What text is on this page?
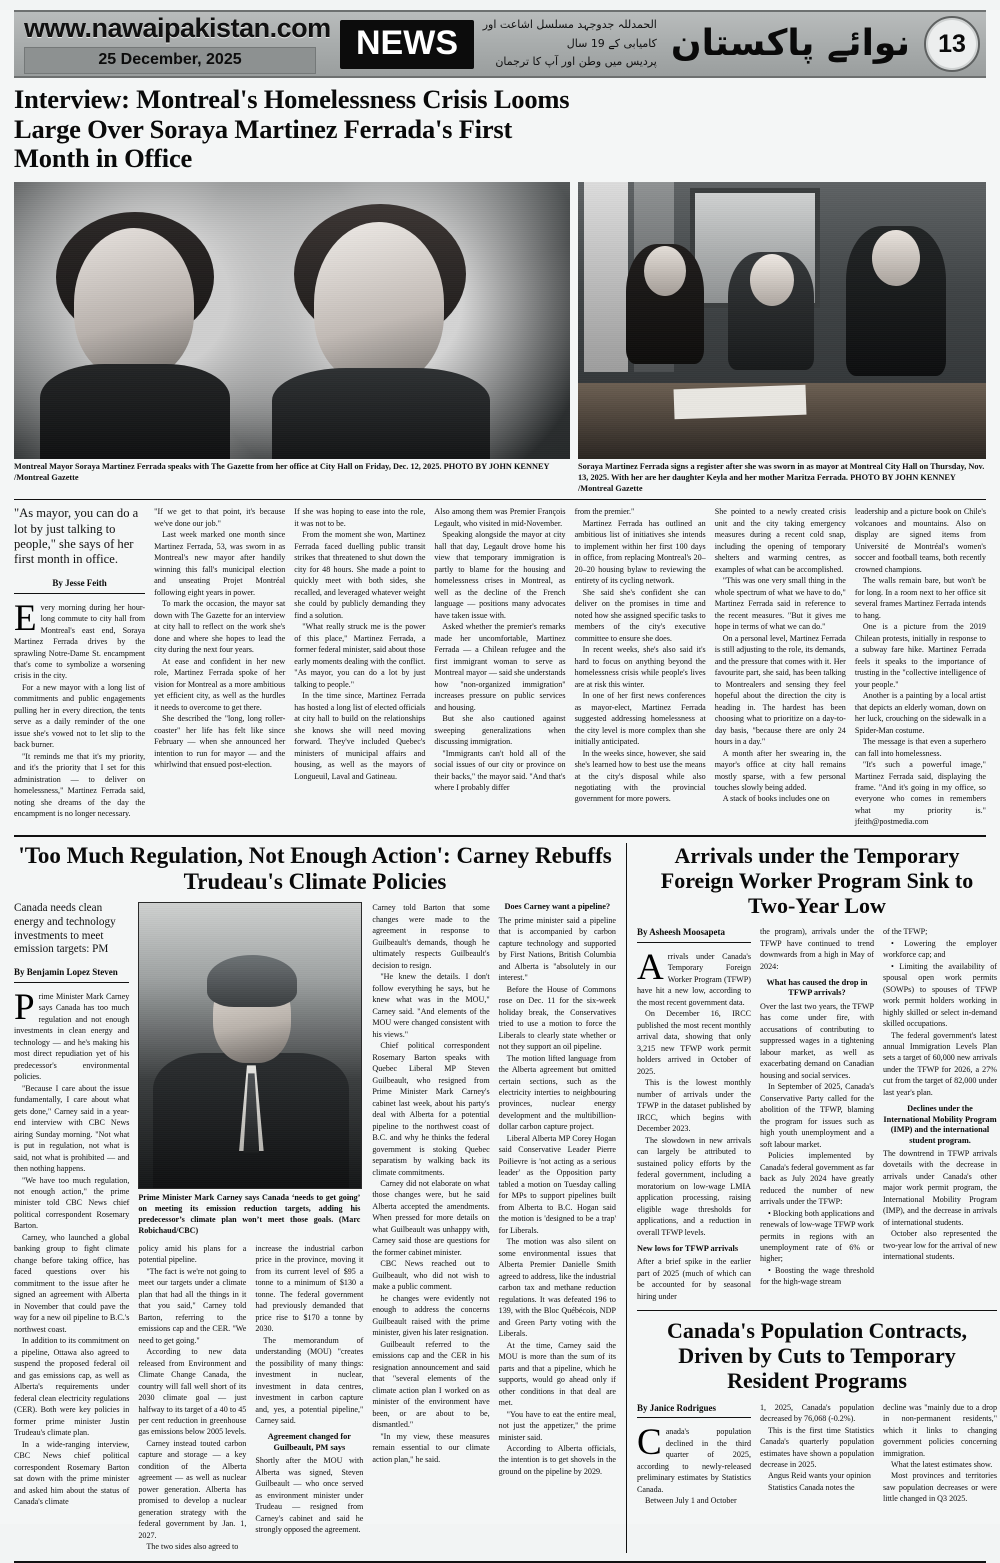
www.nawaipakistan.com
25 December, 2025	NEWS	الحمدللہ جدوجہد مسلسل اشاعت اور کامیابی کے 19 سال
پردیس میں وطن اور آپ کا ترجمان نوائے پاکستان	13
Interview: Montreal's Homelessness Crisis Looms Large Over Soraya Martinez Ferrada's First Month in Office
Montreal Mayor Soraya Martinez Ferrada speaks with The Gazette from her office at City Hall on Friday, Dec. 12, 2025. PHOTO BY JOHN KENNEY /Montreal Gazette
Soraya Martinez Ferrada signs a register after she was sworn in as mayor at Montreal City Hall on Thursday, Nov. 13, 2025. With her are her daughter Keyla and her mother Maritza Ferrada. PHOTO BY JOHN KENNEY /Montreal Gazette
"As mayor, you can do a lot by just talking to people," she says of her first month in office.
By Jesse Feith

Every morning during her hour-long commute to city hall from Montreal's east end, Soraya Martinez Ferrada drives by the sprawling Notre-Dame St. encampment that's come to symbolize a worsening crisis in the city.

For a new mayor with a long list of commitments and public engagements pulling her in every direction, the tents serve as a daily reminder of the one issue she's vowed not to let slip to the back burner.

"It reminds me that it's my priority, and it's the priority that I set for this administration — to deliver on homelessness," Martinez Ferrada said, noting she dreams of the day the encampment is no longer necessary.

"If we get to that point, it's because we've done our job."

Last week marked one month since Martinez Ferrada, 53, was sworn in as Montreal's new mayor after handily winning this fall's municipal election and unseating Projet Montréal following eight years in power.

To mark the occasion, the mayor sat down with The Gazette for an interview at city hall to reflect on the work she's done and where she hopes to lead the city during the next four years.

At ease and confident in her new role, Martinez Ferrada spoke of her vision for Montreal as a more ambitious yet efficient city, as well as the hurdles it needs to overcome to get there.

She described the "long, long roller-coaster" her life has felt like since February — when she announced her intention to run for mayor — and the whirlwind that ensued post-election.

If she was hoping to ease into the role, it was not to be.

From the moment she won, Martinez Ferrada faced duelling public transit strikes that threatened to shut down the city for 48 hours. She made a point to quickly meet with both sides, she recalled, and leveraged whatever weight she could by publicly demanding they find a solution.

"What really struck me is the power of this place," Martinez Ferrada, a former federal minister, said about those early moments dealing with the conflict. "As mayor, you can do a lot by just talking to people."

In the time since, Martinez Ferrada has hosted a long list of elected officials at city hall to build on the relationships she knows she will need moving forward. They've included Quebec's ministers of municipal affairs and housing, as well as the mayors of Longueuil, Laval and Gatineau.

Also among them was Premier François Legault, who visited in mid-November.

Speaking alongside the mayor at city hall that day, Legault drove home his view that temporary immigration is partly to blame for the housing and homelessness crises in Montreal, as well as the decline of the French language — positions many advocates have taken issue with.

Asked whether the premier's remarks made her uncomfortable, Martinez Ferrada — a Chilean refugee and the first immigrant woman to serve as Montreal mayor — said she understands how "non-organized immigration" increases pressure on public services and housing.

But she also cautioned against sweeping generalizations when discussing immigration.

"Immigrants can't hold all of the social issues of our city or province on their backs," the mayor said. "And that's where I probably differ

from the premier."

Martinez Ferrada has outlined an ambitious list of initiatives she intends to implement within her first 100 days in office, from replacing Montreal's 20–20–20 housing bylaw to reviewing the entirety of its cycling network.

She said she's confident she can deliver on the promises in time and noted how she assigned specific tasks to members of the city's executive committee to ensure she does.

In recent weeks, she's also said it's hard to focus on anything beyond the homelessness crisis while people's lives are at risk this winter.

In one of her first news conferences as mayor-elect, Martinez Ferrada suggested addressing homelessness at the city level is more complex than she initially anticipated.

In the weeks since, however, she said she's learned how to best use the means at the city's disposal while also negotiating with the provincial government for more powers.

She pointed to a newly created crisis unit and the city taking emergency measures during a recent cold snap, including the opening of temporary shelters and warming centres, as examples of what can be accomplished.

"This was one very small thing in the whole spectrum of what we have to do," Martinez Ferrada said in reference to the recent measures. "But it gives me hope in terms of what we can do."

On a personal level, Martinez Ferrada is still adjusting to the role, its demands, and the pressure that comes with it. Her favourite part, she said, has been talking to Montrealers and sensing they feel hopeful about the direction the city is heading in. The hardest has been choosing what to prioritize on a day-to-day basis, "because there are only 24 hours in a day."

A month after her swearing in, the mayor's office at city hall remains mostly sparse, with a few personal touches slowly being added.

A stack of books includes one on

leadership and a picture book on Chile's volcanoes and mountains. Also on display are signed items from Université de Montréal's women's soccer and football teams, both recently crowned champions.

The walls remain bare, but won't be for long. In a room next to her office sit several frames Martinez Ferrada intends to hang.

One is a picture from the 2019 Chilean protests, initially in response to a subway fare hike. Martinez Ferrada feels it speaks to the importance of trusting in the "collective intelligence of your people."

Another is a painting by a local artist that depicts an elderly woman, down on her luck, crouching on the sidewalk in a Spider-Man costume.

The message is that even a superhero can fall into homelessness.

"It's such a powerful image," Martinez Ferrada said, displaying the frame. "And it's going in my office, so everyone who comes in remembers what my priority is." jfeith@postmedia.com

'Too Much Regulation, Not Enough Action': Carney Rebuffs Trudeau's Climate Policies
Canada needs clean energy and technology investments to meet emission targets: PM
By Benjamin Lopez Steven

Prime Minister Mark Carney says Canada has too much regulation and not enough investments in clean energy and technology — and he's making his most direct repudiation yet of his predecessor's environmental policies.

"Because I care about the issue fundamentally, I care about what gets done," Carney said in a year-end interview with CBC News airing Sunday morning. "Not what is put in regulation, not what is said, not what is prohibited — and then nothing happens.

"We have too much regulation, not enough action," the prime minister told CBC News chief political correspondent Rosemary Barton.

Carney, who launched a global banking group to fight climate change before taking office, has faced questions over his commitment to the issue after he signed an agreement with Alberta in November that could pave the way for a new oil pipeline to B.C.'s northwest coast.

In addition to its commitment on a pipeline, Ottawa also agreed to suspend the proposed federal oil and gas emissions cap, as well as Alberta's requirements under federal clean electricity regulations (CER). Both were key policies in former prime minister Justin Trudeau's climate plan.

In a wide-ranging interview, CBC News chief political correspondent Rosemary Barton sat down with the prime minister and asked him about the status of Canada's climate

Prime Minister Mark Carney says Canada ‘needs to get going’ on meeting its emission reduction targets, adding his predecessor’s climate plan won’t meet those goals. (Marc Robichaud/CBC)

policy amid his plans for a potential pipeline.

"The fact is we're not going to meet our targets under a climate plan that had all the things in it that you said," Carney told Barton, referring to the emissions cap and the CER. "We need to get going."

According to new data released from Environment and Climate Change Canada, the country will fall well short of its 2030 climate goal — just halfway to its target of a 40 to 45 per cent reduction in greenhouse gas emissions below 2005 levels.

Carney instead touted carbon capture and storage — a key condition of the Alberta agreement — as well as nuclear power generation. Alberta has promised to develop a nuclear generation strategy with the federal government by Jan. 1, 2027.

The two sides also agreed to

increase the industrial carbon price in the province, moving it from its current level of $95 a tonne to a minimum of $130 a tonne. The federal government had previously demanded that price rise to $170 a tonne by 2030.

The memorandum of understanding (MOU) "creates the possibility of many things: investment in nuclear, investment in data centres, investment in carbon capture and, yes, a potential pipeline," Carney said.

Agreement changed for Guilbeault, PM says

Shortly after the MOU with Alberta was signed, Steven Guilbeault — who once served as environment minister under Trudeau — resigned from Carney's cabinet and said he strongly opposed the agreement.

Carney told Barton that some changes were made to the agreement in response to Guilbeault's demands, though he ultimately respects Guilbeault's decision to resign.

"He knew the details. I don't follow everything he says, but he knew what was in the MOU," Carney said. "And elements of the MOU were changed consistent with his views."

Chief political correspondent Rosemary Barton speaks with Quebec Liberal MP Steven Guilbeault, who resigned from Prime Minister Mark Carney's cabinet last week, about his party's deal with Alberta for a potential pipeline to the northwest coast of B.C. and why he thinks the federal government is stoking Quebec separatism by walking back its climate commitments.

Carney did not elaborate on what those changes were, but he said Alberta accepted the amendments. When pressed for more details on what Guilbeault was unhappy with, Carney said those are questions for the former cabinet minister.

CBC News reached out to Guilbeault, who did not wish to make a public comment.

he changes were evidently not enough to address the concerns Guilbeault raised with the prime minister, given his later resignation.

Guilbeault referred to the emissions cap and the CER in his resignation announcement and said that "several elements of the climate action plan I worked on as minister of the environment have been, or are about to be, dismantled."

"In my view, these measures remain essential to our climate action plan," he said.

Does Carney want a pipeline?

The prime minister said a pipeline that is accompanied by carbon capture technology and supported by First Nations, British Columbia and Alberta is "absolutely in our interest."

Before the House of Commons rose on Dec. 11 for the six-week holiday break, the Conservatives tried to use a motion to force the Liberals to clearly state whether or not they support an oil pipeline.

The motion lifted language from the Alberta agreement but omitted certain sections, such as the electricity interties to neighbouring provinces, nuclear energy development and the multibillion-dollar carbon capture project.

Liberal Alberta MP Corey Hogan said Conservative Leader Pierre Poilievre is 'not acting as a serious leader' as the Opposition party tabled a motion on Tuesday calling for MPs to support pipelines built from Alberta to B.C. Hogan said the motion is 'designed to be a trap' for Liberals.

The motion was also silent on some environmental issues that Alberta Premier Danielle Smith agreed to address, like the industrial carbon tax and methane reduction regulations. It was defeated 196 to 139, with the Bloc Québécois, NDP and Green Party voting with the Liberals.

At the time, Carney said the MOU is more than the sum of its parts and that a pipeline, which he supports, would go ahead only if other conditions in that deal are met.

"You have to eat the entire meal, not just the appetizer," the prime minister said.

According to Alberta officials, the intention is to get shovels in the ground on the pipeline by 2029.

Arrivals under the Temporary Foreign Worker Program Sink to Two-Year Low
By Asheesh Moosapeta

Arrivals under Canada's Temporary Foreign Worker Program (TFWP) have hit a new low, according to the most recent government data.

On December 16, IRCC published the most recent monthly arrival data, showing that only 3,215 new TFWP work permit holders arrived in October of 2025.

This is the lowest monthly number of arrivals under the TFWP in the dataset published by IRCC, which begins with December 2023.

The slowdown in new arrivals can largely be attributed to sustained policy efforts by the federal government, including a moratorium on low-wage LMIA application processing, raising eligible wage thresholds for applications, and a reduction in overall TFWP levels.

New lows for TFWP arrivals

After a brief spike in the earlier part of 2025 (much of which can be accounted for by seasonal hiring under

the program), arrivals under the TFWP have continued to trend downwards from a high in May of 2024:

What has caused the drop in TFWP arrivals?

Over the last two years, the TFWP has come under fire, with accusations of contributing to suppressed wages in a tightening labour market, as well as exacerbating demand on Canadian housing and social services.

In September of 2025, Canada's Conservative Party called for the abolition of the TFWP, blaming the program for issues such as high youth unemployment and a soft labour market.

Policies implemented by Canada's federal government as far back as July 2024 have greatly reduced the number of new arrivals under the TFWP:

• Blocking both applications and renewals of low-wage TFWP work permits in regions with an unemployment rate of 6% or higher;

• Boosting the wage threshold for the high-wage stream

of the TFWP;

• Lowering the employer workforce cap; and

• Limiting the availability of spousal open work permits (SOWPs) to spouses of TFWP work permit holders working in highly skilled or select in-demand skilled occupations.

The federal government's latest annual Immigration Levels Plan sets a target of 60,000 new arrivals under the TFWP for 2026, a 27% cut from the target of 82,000 under last year's plan.

Declines under the International Mobility Program (IMP) and the international student program.

The downtrend in TFWP arrivals dovetails with the decrease in arrivals under Canada's other major work permit program, the International Mobility Program (IMP), and the decrease in arrivals of international students.

October also represented the two-year low for the arrival of new international students.

Canada's Population Contracts, Driven by Cuts to Temporary Resident Programs
By Janice Rodrigues

Canada's population declined in the third quarter of 2025, according to newly-released preliminary estimates by Statistics Canada.

Between July 1 and October

1, 2025, Canada's population decreased by 76,068 (-0.2%).

This is the first time Statistics Canada's quarterly population estimates have shown a population decrease in 2025.

Angus Reid wants your opinion

Statistics Canada notes the

decline was "mainly due to a drop in non-permanent residents," which it links to changing government policies concerning immigration.

What the latest estimates show.

Most provinces and territories saw population decreases or were little changed in Q3 2025.
